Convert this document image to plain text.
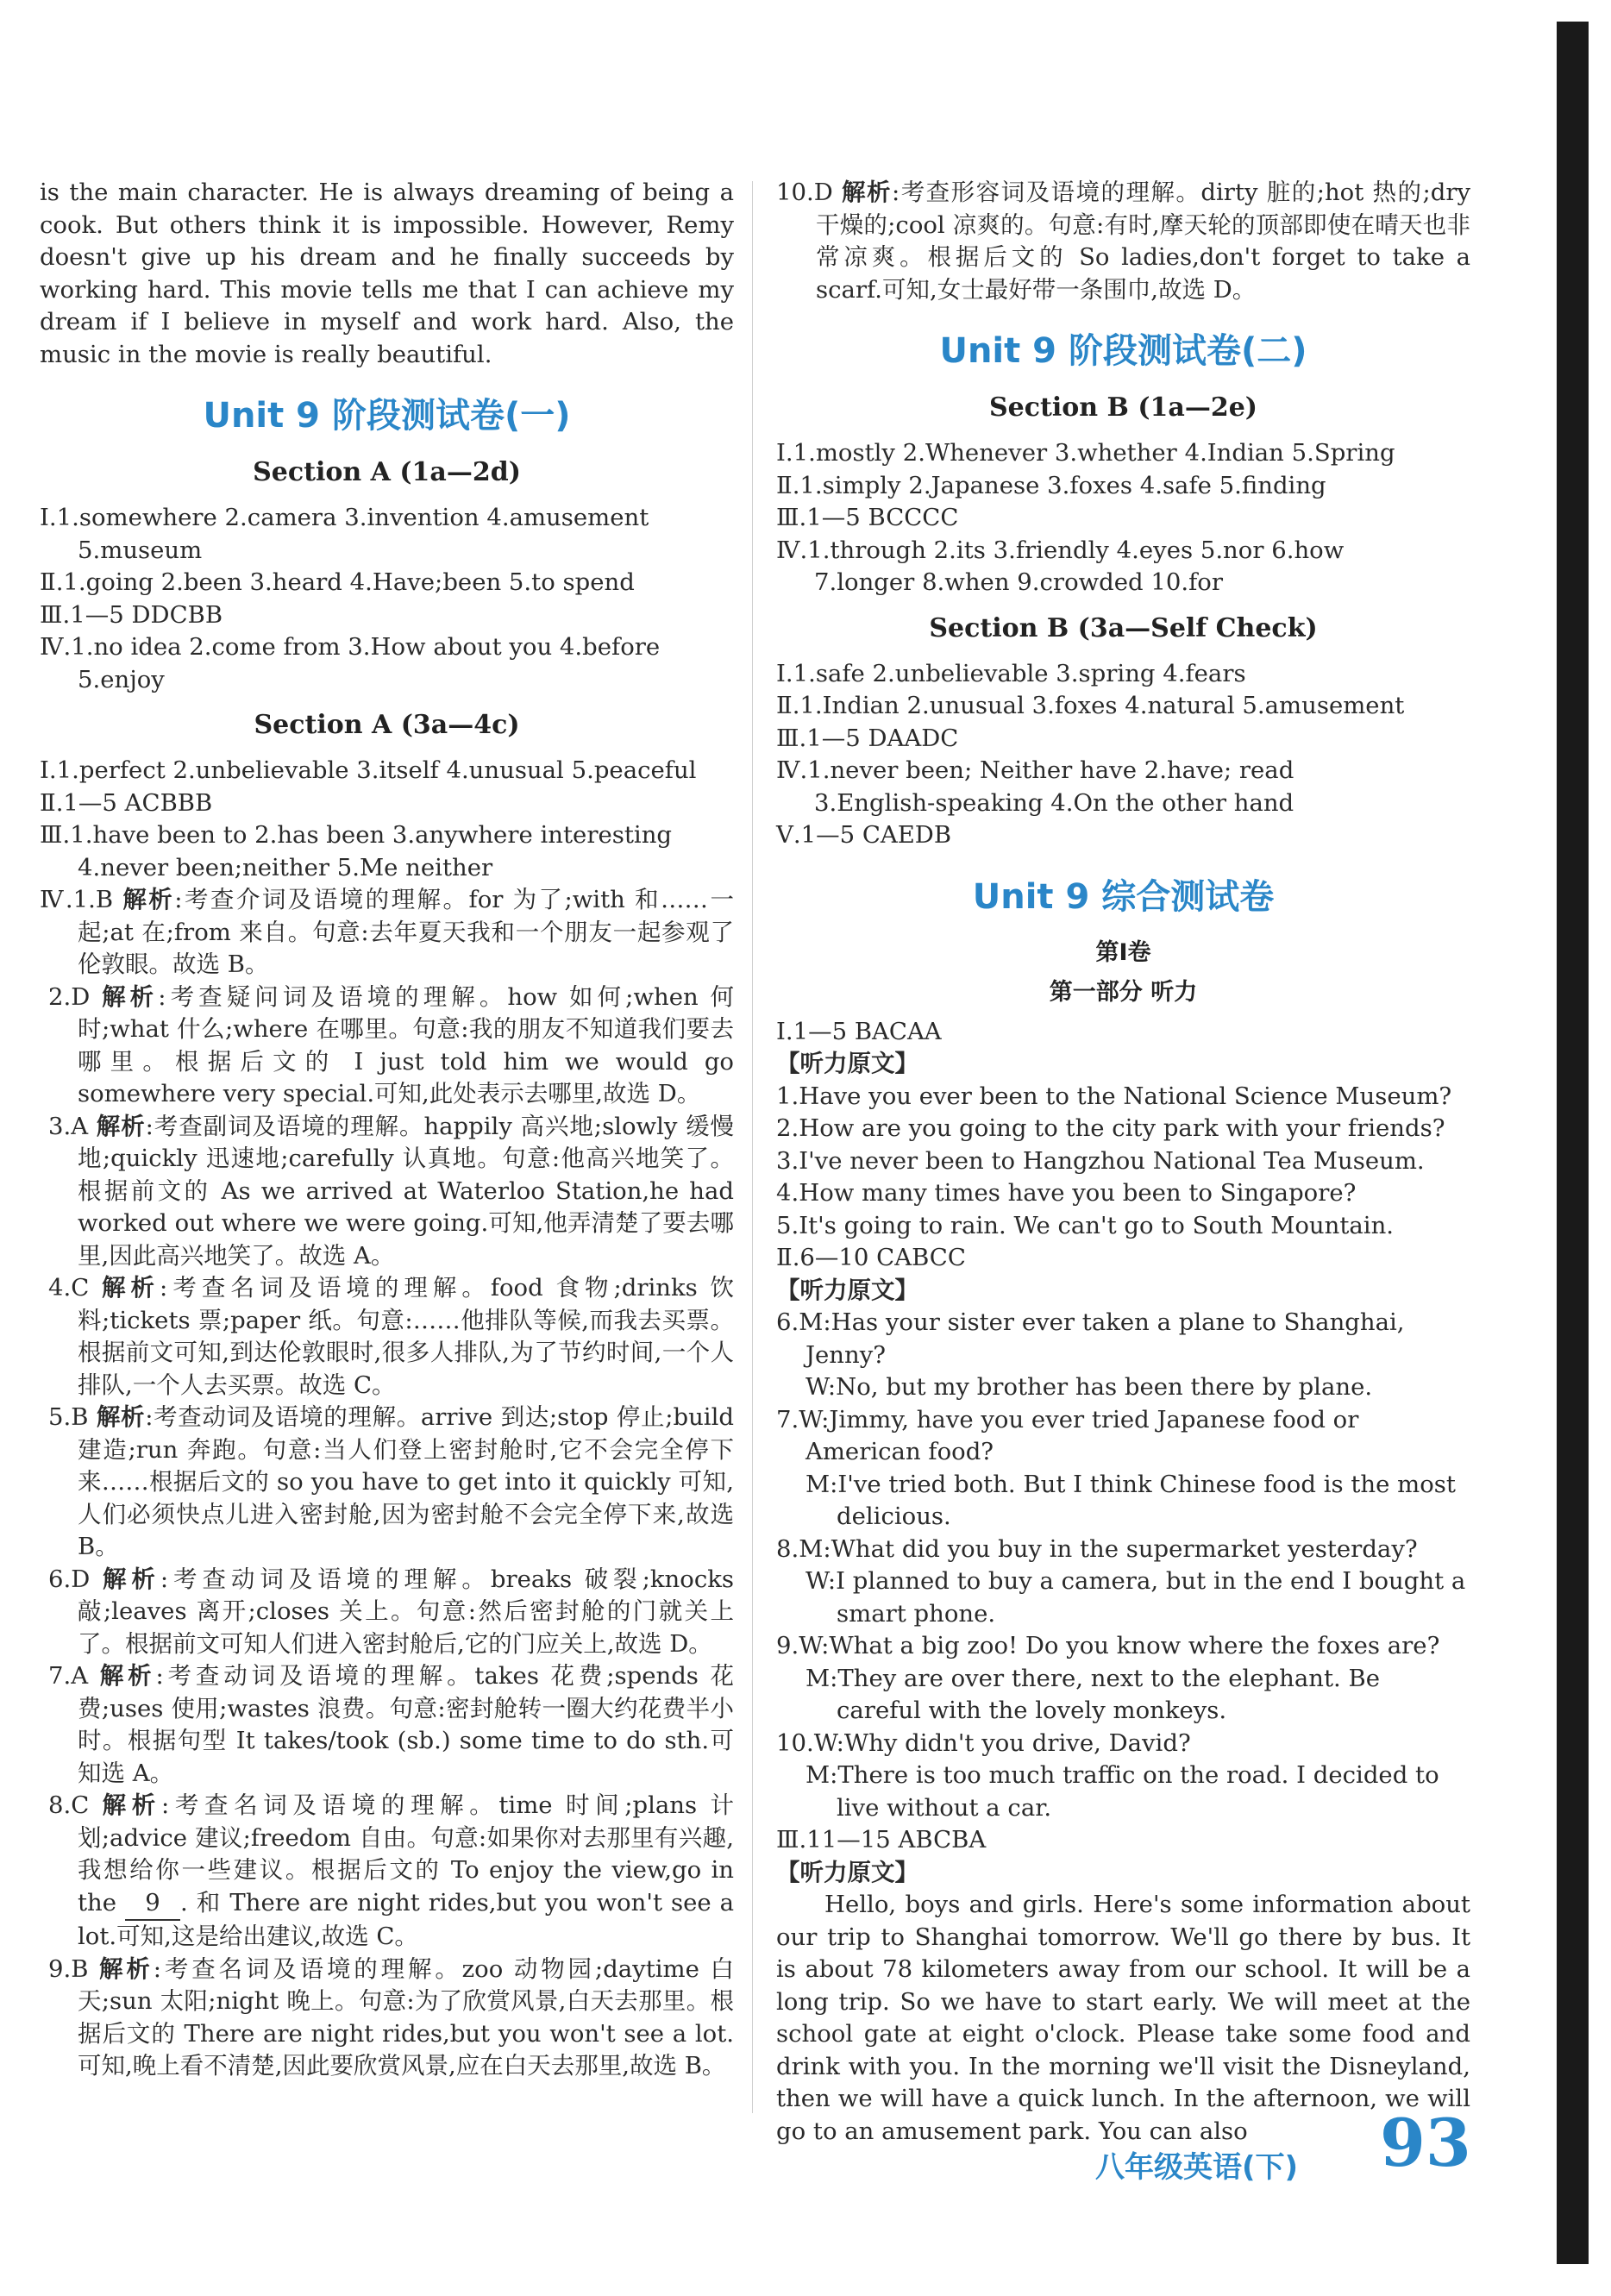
is the main character. He is always dreaming of being a cook. But others think it is impossible. However, Remy doesn't give up his dream and he finally succeeds by working hard. This movie tells me that I can achieve my dream if I believe in myself and work hard. Also, the music in the movie is really beautiful.

Unit 9 阶段测试卷(一)
Section A (1a—2d)

Ⅰ.1.somewhere 2.camera 3.invention 4.amusement

5.museum

Ⅱ.1.going 2.been 3.heard 4.Have;been 5.to spend

Ⅲ.1—5 DDCBB

Ⅳ.1.no idea 2.come from 3.How about you 4.before

5.enjoy

Section A (3a—4c)

Ⅰ.1.perfect 2.unbelievable 3.itself 4.unusual 5.peaceful

Ⅱ.1—5 ACBBB

Ⅲ.1.have been to 2.has been 3.anywhere interesting

4.never been;neither 5.Me neither

Ⅳ.1.B 解析:考查介词及语境的理解。for 为了;with 和……一起;at 在;from 来自。句意:去年夏天我和一个朋友一起参观了伦敦眼。故选 B。

2.D 解析:考查疑问词及语境的理解。how 如何;when 何时;what 什么;where 在哪里。句意:我的朋友不知道我们要去哪里。根据后文的 I just told him we would go somewhere very special.可知,此处表示去哪里,故选 D。

3.A 解析:考查副词及语境的理解。happily 高兴地;slowly 缓慢地;quickly 迅速地;carefully 认真地。句意:他高兴地笑了。根据前文的 As we arrived at Waterloo Station,he had worked out where we were going.可知,他弄清楚了要去哪里,因此高兴地笑了。故选 A。

4.C 解析:考查名词及语境的理解。food 食物;drinks 饮料;tickets 票;paper 纸。句意:……他排队等候,而我去买票。根据前文可知,到达伦敦眼时,很多人排队,为了节约时间,一个人排队,一个人去买票。故选 C。

5.B 解析:考查动词及语境的理解。arrive 到达;stop 停止;build 建造;run 奔跑。句意:当人们登上密封舱时,它不会完全停下来……根据后文的 so you have to get into it quickly 可知,人们必须快点儿进入密封舱,因为密封舱不会完全停下来,故选 B。

6.D 解析:考查动词及语境的理解。breaks 破裂;knocks 敲;leaves 离开;closes 关上。句意:然后密封舱的门就关上了。根据前文可知人们进入密封舱后,它的门应关上,故选 D。

7.A 解析:考查动词及语境的理解。takes 花费;spends 花费;uses 使用;wastes 浪费。句意:密封舱转一圈大约花费半小时。根据句型 It takes/took (sb.) some time to do sth.可知选 A。

8.C 解析:考查名词及语境的理解。time 时间;plans 计划;advice 建议;freedom 自由。句意:如果你对去那里有兴趣,我想给你一些建议。根据后文的 To enjoy the view,go in the 9 . 和 There are night rides,but you won't see a lot.可知,这是给出建议,故选 C。

9.B 解析:考查名词及语境的理解。zoo 动物园;daytime 白天;sun 太阳;night 晚上。句意:为了欣赏风景,白天去那里。根据后文的 There are night rides,but you won't see a lot.可知,晚上看不清楚,因此要欣赏风景,应在白天去那里,故选 B。

10.D 解析:考查形容词及语境的理解。dirty 脏的;hot 热的;dry 干燥的;cool 凉爽的。句意:有时,摩天轮的顶部即使在晴天也非常凉爽。根据后文的 So ladies,don't forget to take a scarf.可知,女士最好带一条围巾,故选 D。

Unit 9 阶段测试卷(二)
Section B (1a—2e)

Ⅰ.1.mostly 2.Whenever 3.whether 4.Indian 5.Spring

Ⅱ.1.simply 2.Japanese 3.foxes 4.safe 5.finding

Ⅲ.1—5 BCCCC

Ⅳ.1.through 2.its 3.friendly 4.eyes 5.nor 6.how

7.longer 8.when 9.crowded 10.for

Section B (3a—Self Check)

Ⅰ.1.safe 2.unbelievable 3.spring 4.fears

Ⅱ.1.Indian 2.unusual 3.foxes 4.natural 5.amusement

Ⅲ.1—5 DAADC

Ⅳ.1.never been; Neither have 2.have; read

3.English-speaking 4.On the other hand

Ⅴ.1—5 CAEDB

Unit 9 综合测试卷
第Ⅰ卷
第一部分 听力

Ⅰ.1—5 BACAA

【听力原文】

1.Have you ever been to the National Science Museum?

2.How are you going to the city park with your friends?

3.I've never been to Hangzhou National Tea Museum.

4.How many times have you been to Singapore?

5.It's going to rain. We can't go to South Mountain.

Ⅱ.6—10 CABCC

【听力原文】

6.M:Has your sister ever taken a plane to Shanghai, Jenny?

W:No, but my brother has been there by plane.

7.W:Jimmy, have you ever tried Japanese food or American food?

M:I've tried both. But I think Chinese food is the most delicious.

8.M:What did you buy in the supermarket yesterday?

W:I planned to buy a camera, but in the end I bought a smart phone.

9.W:What a big zoo! Do you know where the foxes are?

M:They are over there, next to the elephant. Be careful with the lovely monkeys.

10.W:Why didn't you drive, David?

M:There is too much traffic on the road. I decided to live without a car.

Ⅲ.11—15 ABCBA

【听力原文】

Hello, boys and girls. Here's some information about our trip to Shanghai tomorrow. We'll go there by bus. It is about 78 kilometers away from our school. It will be a long trip. So we have to start early. We will meet at the school gate at eight o'clock. Please take some food and drink with you. In the morning we'll visit the Disneyland, then we will have a quick lunch. In the afternoon, we will go to an amusement park. You can also

八年级英语(下) 93
